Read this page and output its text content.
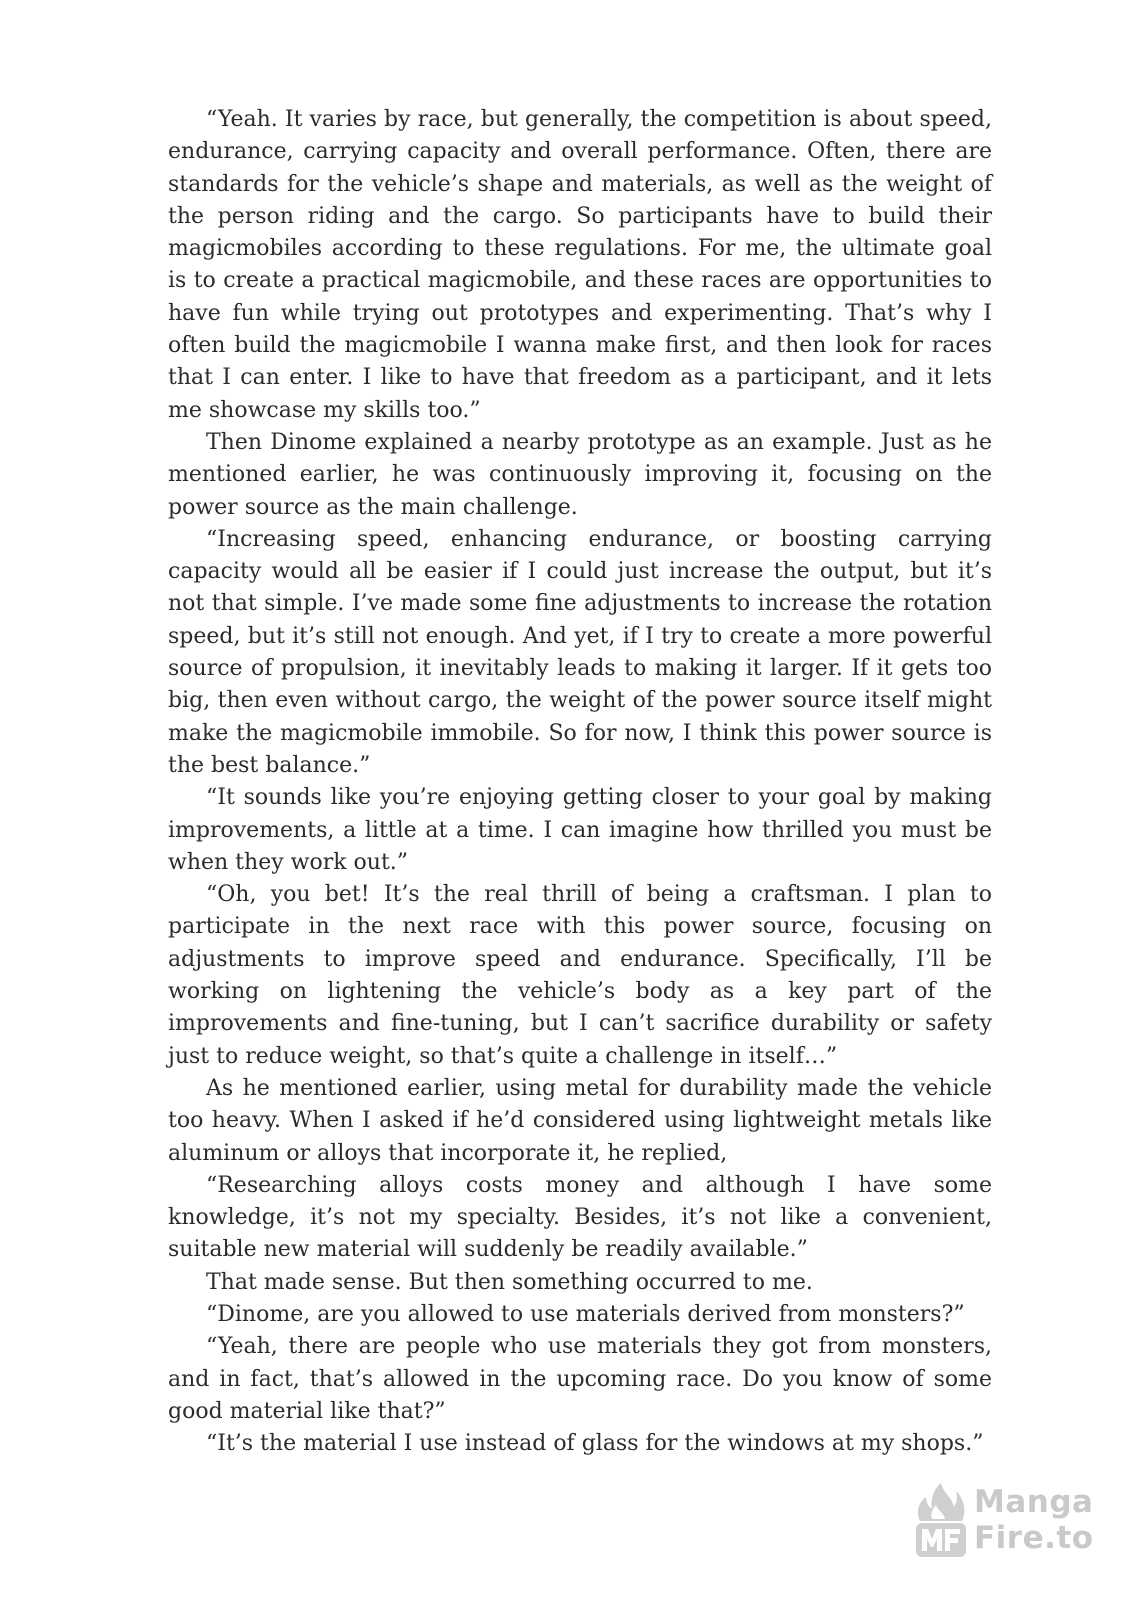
“Yeah. It varies by race, but generally, the competition is about speed, endurance, carrying capacity and overall performance. Often, there are standards for the vehicle’s shape and materials, as well as the weight of the person riding and the cargo. So participants have to build their magicmobiles according to these regulations. For me, the ultimate goal is to create a practical magicmobile, and these races are opportunities to have fun while trying out prototypes and experimenting. That’s why I often build the magicmobile I wanna make first, and then look for races that I can enter. I like to have that freedom as a participant, and it lets me showcase my skills too.”

Then Dinome explained a nearby prototype as an example. Just as he mentioned earlier, he was continuously improving it, focusing on the power source as the main challenge.

“Increasing speed, enhancing endurance, or boosting carrying capacity would all be easier if I could just increase the output, but it’s not that simple. I’ve made some fine adjustments to increase the rotation speed, but it’s still not enough. And yet, if I try to create a more powerful source of propulsion, it inevitably leads to making it larger. If it gets too big, then even without cargo, the weight of the power source itself might make the magicmobile immobile. So for now, I think this power source is the best balance.”

“It sounds like you’re enjoying getting closer to your goal by making improvements, a little at a time. I can imagine how thrilled you must be when they work out.”

“Oh, you bet! It’s the real thrill of being a craftsman. I plan to participate in the next race with this power source, focusing on adjustments to improve speed and endurance. Specifically, I’ll be working on lightening the vehicle’s body as a key part of the improvements and fine-tuning, but I can’t sacrifice durability or safety just to reduce weight, so that’s quite a challenge in itself…”

As he mentioned earlier, using metal for durability made the vehicle too heavy. When I asked if he’d considered using lightweight metals like aluminum or alloys that incorporate it, he replied,

“Researching alloys costs money and although I have some knowledge, it’s not my specialty. Besides, it’s not like a convenient, suitable new material will suddenly be readily available.”

That made sense. But then something occurred to me.

“Dinome, are you allowed to use materials derived from monsters?”

“Yeah, there are people who use materials they got from monsters, and in fact, that’s allowed in the upcoming race. Do you know of some good material like that?”

“It’s the material I use instead of glass for the windows at my shops.”

Manga
Fire.to
